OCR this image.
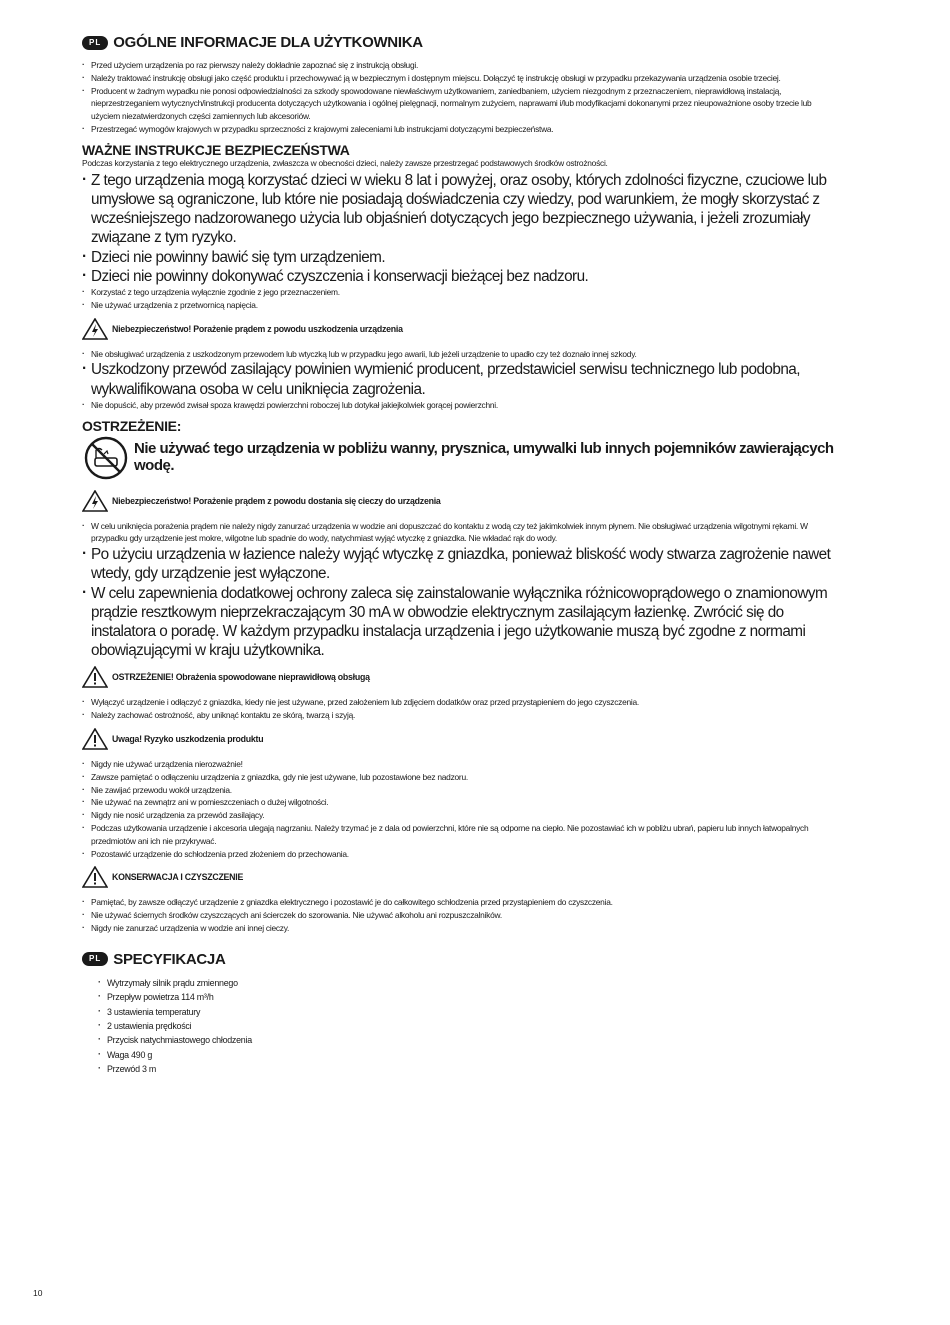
PL OGÓLNE INFORMACJE DLA UŻYTKOWNIKA
· Przed użyciem urządzenia po raz pierwszy należy dokładnie zapoznać się z instrukcją obsługi.
· Należy traktować instrukcję obsługi jako część produktu i przechowywać ją w bezpiecznym i dostępnym miejscu. Dołączyć tę instrukcję obsługi w przypadku przekazywania urządzenia osobie trzeciej.
· Producent w żadnym wypadku nie ponosi odpowiedzialności za szkody spowodowane niewłaściwym użytkowaniem, zaniedbaniem, użyciem niezgodnym z przeznaczeniem, nieprawidłową instalacją, nieprzestrzeganiem wytycznych/instrukcji producenta dotyczących użytkowania i ogólnej pielęgnacji, normalnym zużyciem, naprawami i/lub modyfikacjami dokonanymi przez nieupoważnione osoby trzecie lub użyciem niezatwierdzonych części zamiennych lub akcesoriów.
· Przestrzegać wymogów krajowych w przypadku sprzeczności z krajowymi zaleceniami lub instrukcjami dotyczącymi bezpieczeństwa.
WAŻNE INSTRUKCJE BEZPIECZEŃSTWA
Podczas korzystania z tego elektrycznego urządzenia, zwłaszcza w obecności dzieci, należy zawsze przestrzegać podstawowych środków ostrożności.
· Z tego urządzenia mogą korzystać dzieci w wieku 8 lat i powyżej, oraz osoby, których zdolności fizyczne, czuciowe lub umysłowe są ograniczone, lub które nie posiadają doświadczenia czy wiedzy, pod warunkiem, że mogły skorzystać z wcześniejszego nadzorowanego użycia lub objaśnień dotyczących jego bezpiecznego używania, i jeżeli zrozumiały związane z tym ryzyko.
· Dzieci nie powinny bawić się tym urządzeniem.
· Dzieci nie powinny dokonywać czyszczenia i konserwacji bieżącej bez nadzoru.
· Korzystać z tego urządzenia wyłącznie zgodnie z jego przeznaczeniem.
· Nie używać urządzenia z przetwornicą napięcia.
Niebezpieczeństwo! Porażenie prądem z powodu uszkodzenia urządzenia
· Nie obsługiwać urządzenia z uszkodzonym przewodem lub wtyczką lub w przypadku jego awarii, lub jeżeli urządzenie to upadło czy też doznało innej szkody.
· Uszkodzony przewód zasilający powinien wymienić producent, przedstawiciel serwisu technicznego lub podobna, wykwalifikowana osoba w celu uniknięcia zagrożenia.
· Nie dopuścić, aby przewód zwisał spoza krawędzi powierzchni roboczej lub dotykał jakiejkolwiek gorącej powierzchni.
OSTRZEŻENIE:
Nie używać tego urządzenia w pobliżu wanny, prysznica, umywalki lub innych pojemników zawierających wodę.
Niebezpieczeństwo! Porażenie prądem z powodu dostania się cieczy do urządzenia
· W celu uniknięcia porażenia prądem nie należy nigdy zanurzać urządzenia w wodzie ani dopuszczać do kontaktu z wodą czy też jakimkolwiek innym płynem. Nie obsługiwać urządzenia wilgotnymi rękami. W przypadku gdy urządzenie jest mokre, wilgotne lub spadnie do wody, natychmiast wyjąć wtyczkę z gniazdka. Nie wkładać rąk do wody.
· Po użyciu urządzenia w łazience należy wyjąć wtyczkę z gniazdka, ponieważ bliskość wody stwarza zagrożenie nawet wtedy, gdy urządzenie jest wyłączone.
· W celu zapewnienia dodatkowej ochrony zaleca się zainstalowanie wyłącznika różnicowoprądowego o znamionowym prądzie resztkowym nieprzekraczającym 30 mA w obwodzie elektrycznym zasilającym łazienkę. Zwrócić się do instalatora o poradę. W każdym przypadku instalacja urządzenia i jego użytkowanie muszą być zgodne z normami obowiązującymi w kraju użytkownika.
OSTRZEŻENIE! Obrażenia spowodowane nieprawidłową obsługą
· Wyłączyć urządzenie i odłączyć z gniazdka, kiedy nie jest używane, przed założeniem lub zdjęciem dodatków oraz przed przystąpieniem do jego czyszczenia.
· Należy zachować ostrożność, aby uniknąć kontaktu ze skórą, twarzą i szyją.
Uwaga! Ryzyko uszkodzenia produktu
· Nigdy nie używać urządzenia nierozważnie!
· Zawsze pamiętać o odłączeniu urządzenia z gniazdka, gdy nie jest używane, lub pozostawione bez nadzoru.
· Nie zawijać przewodu wokół urządzenia.
· Nie używać na zewnątrz ani w pomieszczeniach o dużej wilgotności.
· Nigdy nie nosić urządzenia za przewód zasilający.
· Podczas użytkowania urządzenie i akcesoria ulegają nagrzaniu. Należy trzymać je z dala od powierzchni, które nie są odporne na ciepło. Nie pozostawiać ich w pobliżu ubrań, papieru lub innych łatwopalnych przedmiotów ani ich nie przykrywać.
· Pozostawić urządzenie do schłodzenia przed złożeniem do przechowania.
KONSERWACJA I CZYSZCZENIE
· Pamiętać, by zawsze odłączyć urządzenie z gniazdka elektrycznego i pozostawić je do całkowitego schłodzenia przed przystąpieniem do czyszczenia.
· Nie używać ściernych środków czyszczących ani ścierczek do szorowania. Nie używać alkoholu ani rozpuszczalników.
· Nigdy nie zanurzać urządzenia w wodzie ani innej cieczy.
PL SPECYFIKACJA
· Wytrzymały silnik prądu zmiennego
· Przepływ powietrza 114 m³/h
· 3 ustawienia temperatury
· 2 ustawienia prędkości
· Przycisk natychmiastowego chłodzenia
· Waga 490 g
· Przewód 3 m
10
